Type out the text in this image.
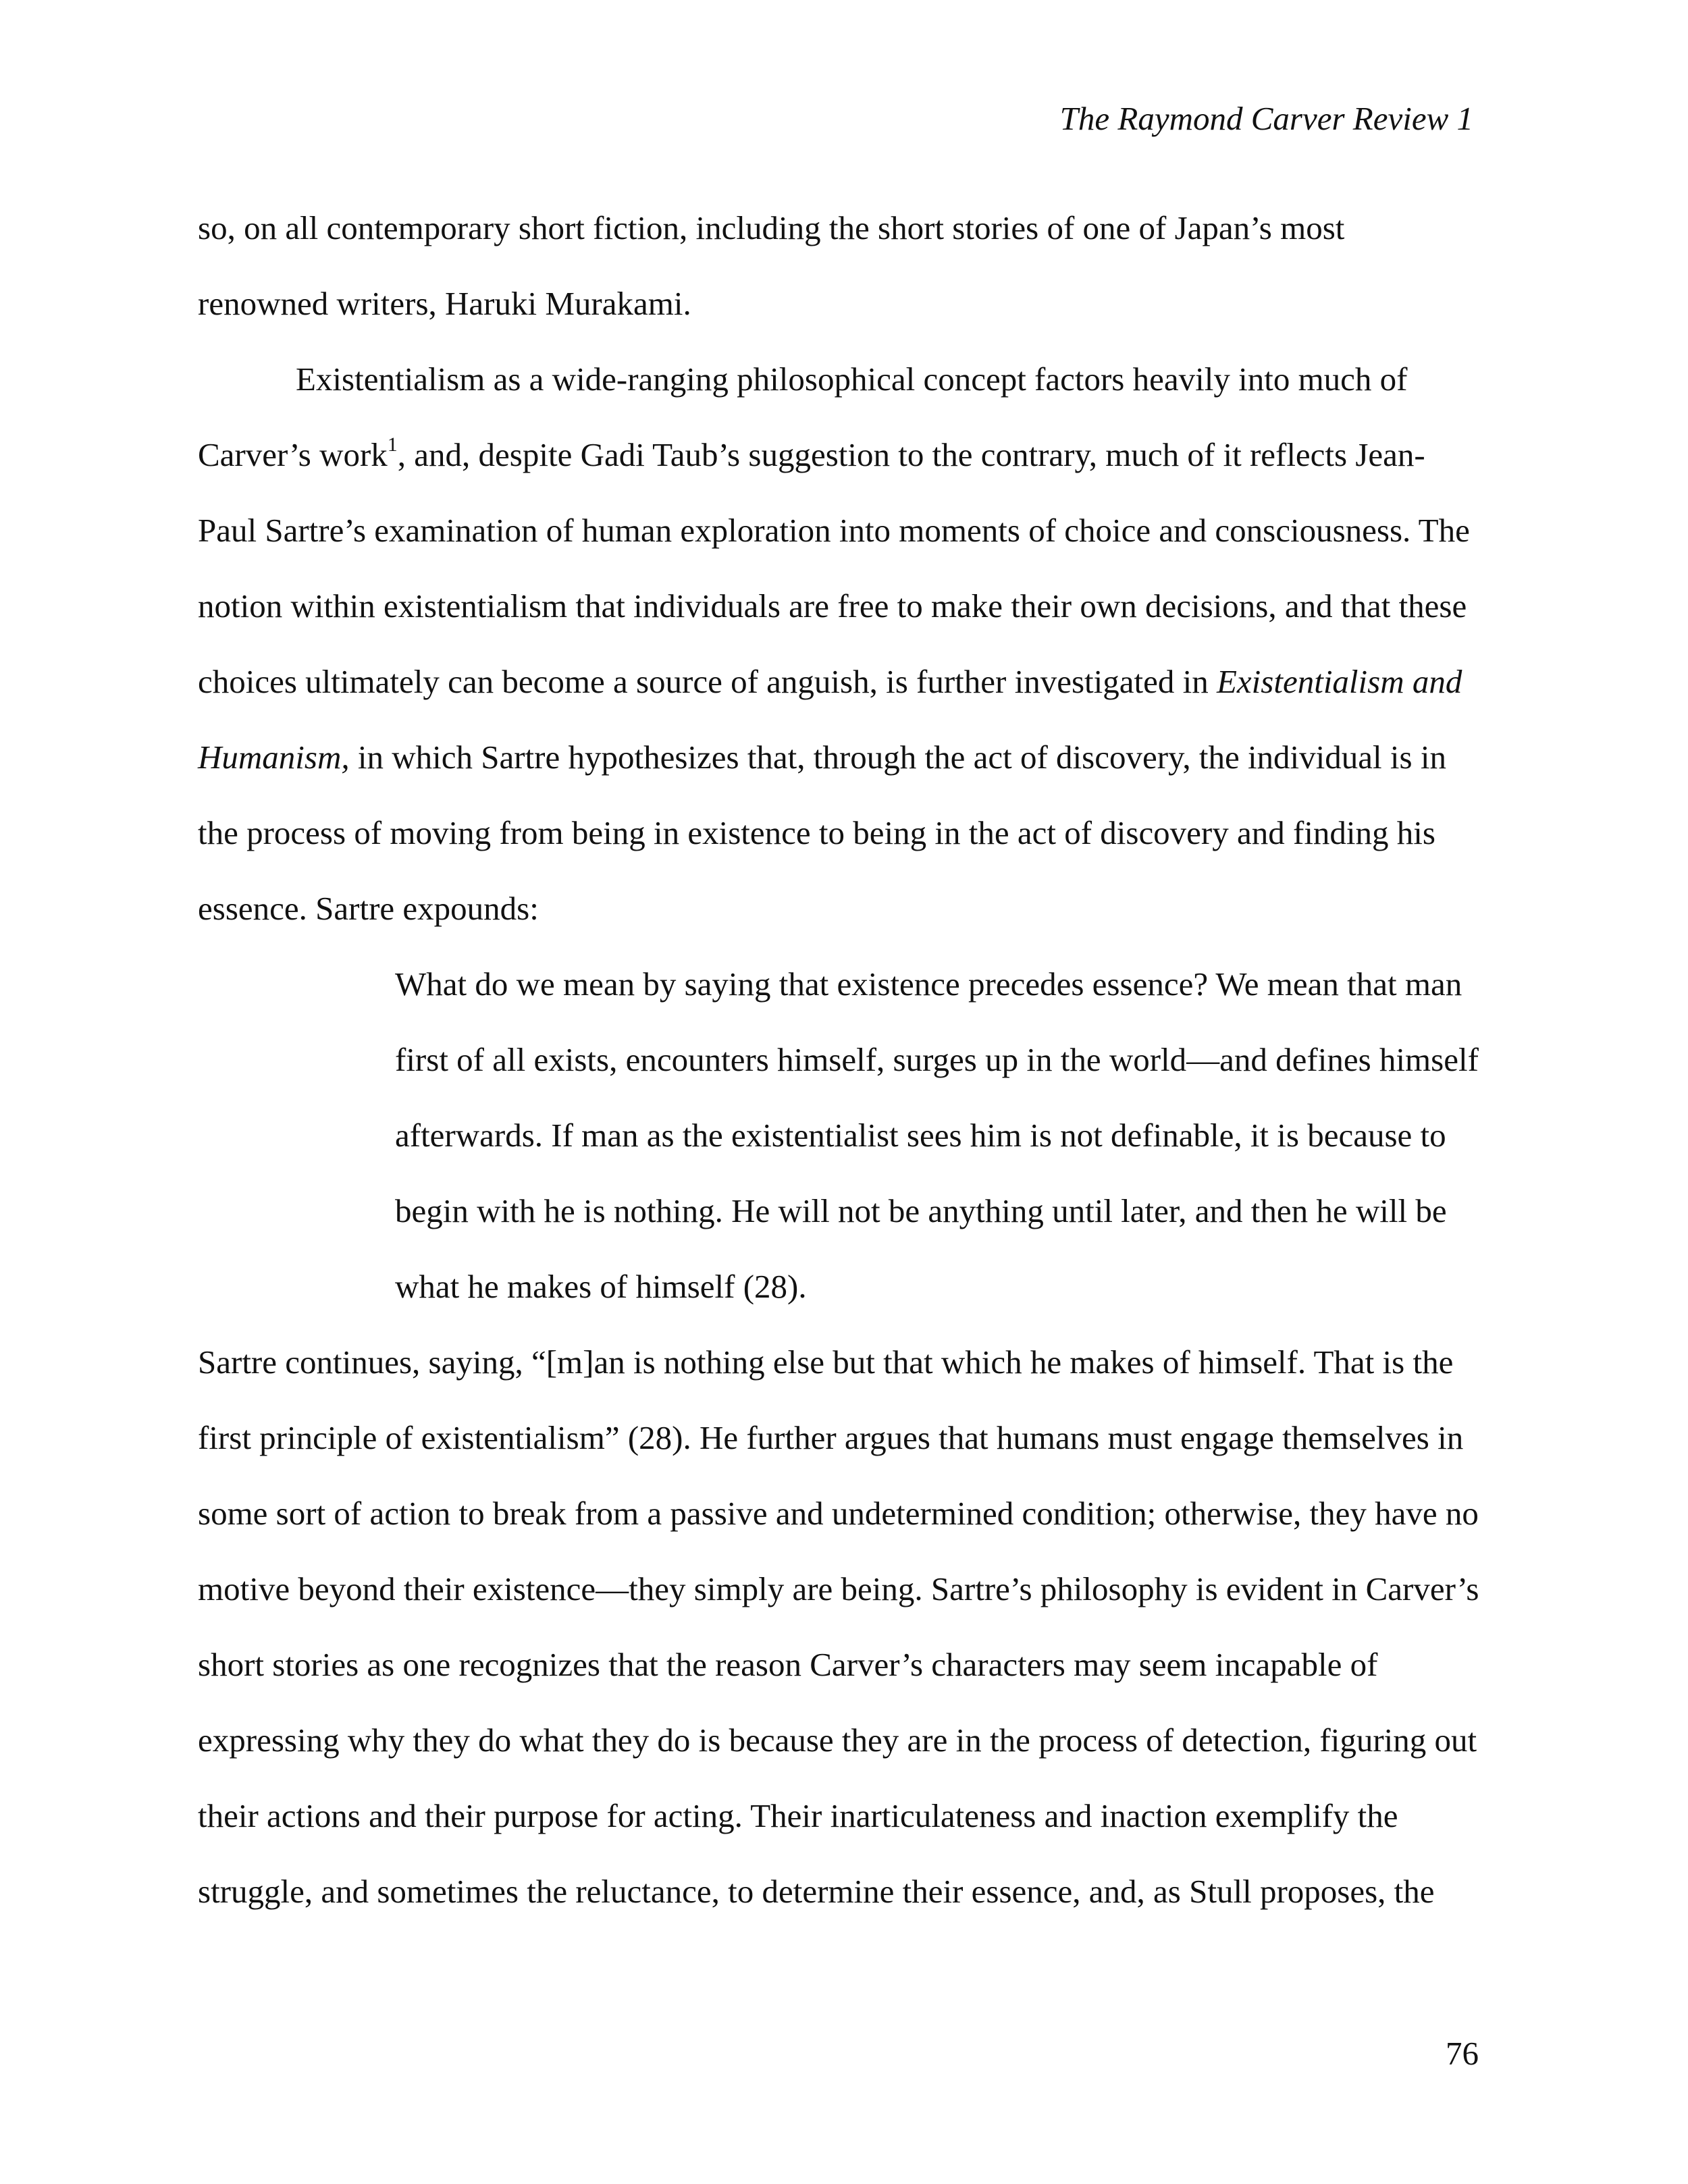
The Raymond Carver Review 1

so, on all contemporary short fiction, including the short stories of one of Japan’s most renowned writers, Haruki Murakami.

Existentialism as a wide-ranging philosophical concept factors heavily into much of Carver’s work$^1$, and, despite Gadi Taub’s suggestion to the contrary, much of it reflects Jean-Paul Sartre’s examination of human exploration into moments of choice and consciousness. The notion within existentialism that individuals are free to make their own decisions, and that these choices ultimately can become a source of anguish, is further investigated in Existentialism and Humanism, in which Sartre hypothesizes that, through the act of discovery, the individual is in the process of moving from being in existence to being in the act of discovery and finding his essence. Sartre expounds:

What do we mean by saying that existence precedes essence? We mean that man first of all exists, encounters himself, surges up in the world—and defines himself afterwards. If man as the existentialist sees him is not definable, it is because to begin with he is nothing. He will not be anything until later, and then he will be what he makes of himself (28).

Sartre continues, saying, “[m]an is nothing else but that which he makes of himself. That is the first principle of existentialism” (28). He further argues that humans must engage themselves in some sort of action to break from a passive and undetermined condition; otherwise, they have no motive beyond their existence—they simply are being. Sartre’s philosophy is evident in Carver’s short stories as one recognizes that the reason Carver’s characters may seem incapable of expressing why they do what they do is because they are in the process of detection, figuring out their actions and their purpose for acting. Their inarticulateness and inaction exemplify the struggle, and sometimes the reluctance, to determine their essence, and, as Stull proposes, the

76
